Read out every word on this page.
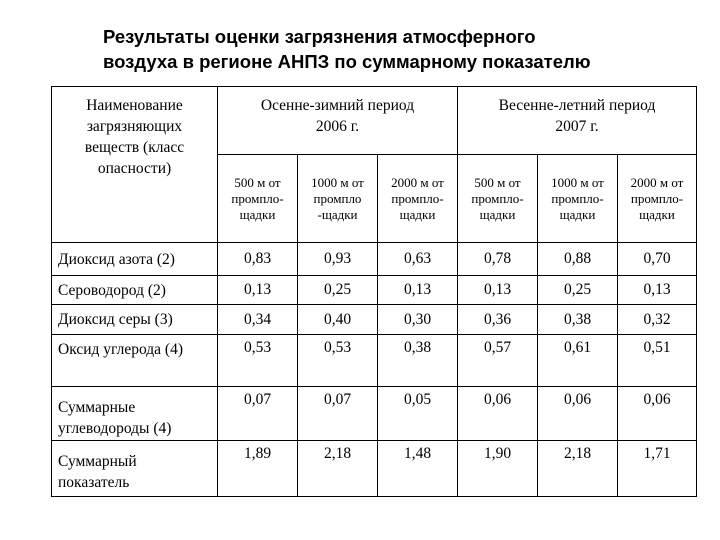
Результаты оценки загрязнения атмосферного
воздуха в регионе АНПЗ по суммарному показателю
Наименование загрязняющих веществ (класс опасности)	Осенне-зимний период 2006 г.			Весенне-летний период 2007 г.		
	500 м от промпло-щадки	1000 м от промпло -щадки	2000 м от промпло-щадки	500 м от промпло-щадки	1000 м от промпло-щадки	2000 м от промпло-щадки
Диоксид азота (2)	0,83	0,93	0,63	0,78	0,88	0,70
Сероводород (2)	0,13	0,25	0,13	0,13	0,25	0,13
Диоксид серы (3)	0,34	0,40	0,30	0,36	0,38	0,32
Оксид углерода (4)	0,53	0,53	0,38	0,57	0,61	0,51
Суммарные углеводороды (4)	0,07	0,07	0,05	0,06	0,06	0,06
Суммарный показатель	1,89	2,18	1,48	1,90	2,18	1,71
